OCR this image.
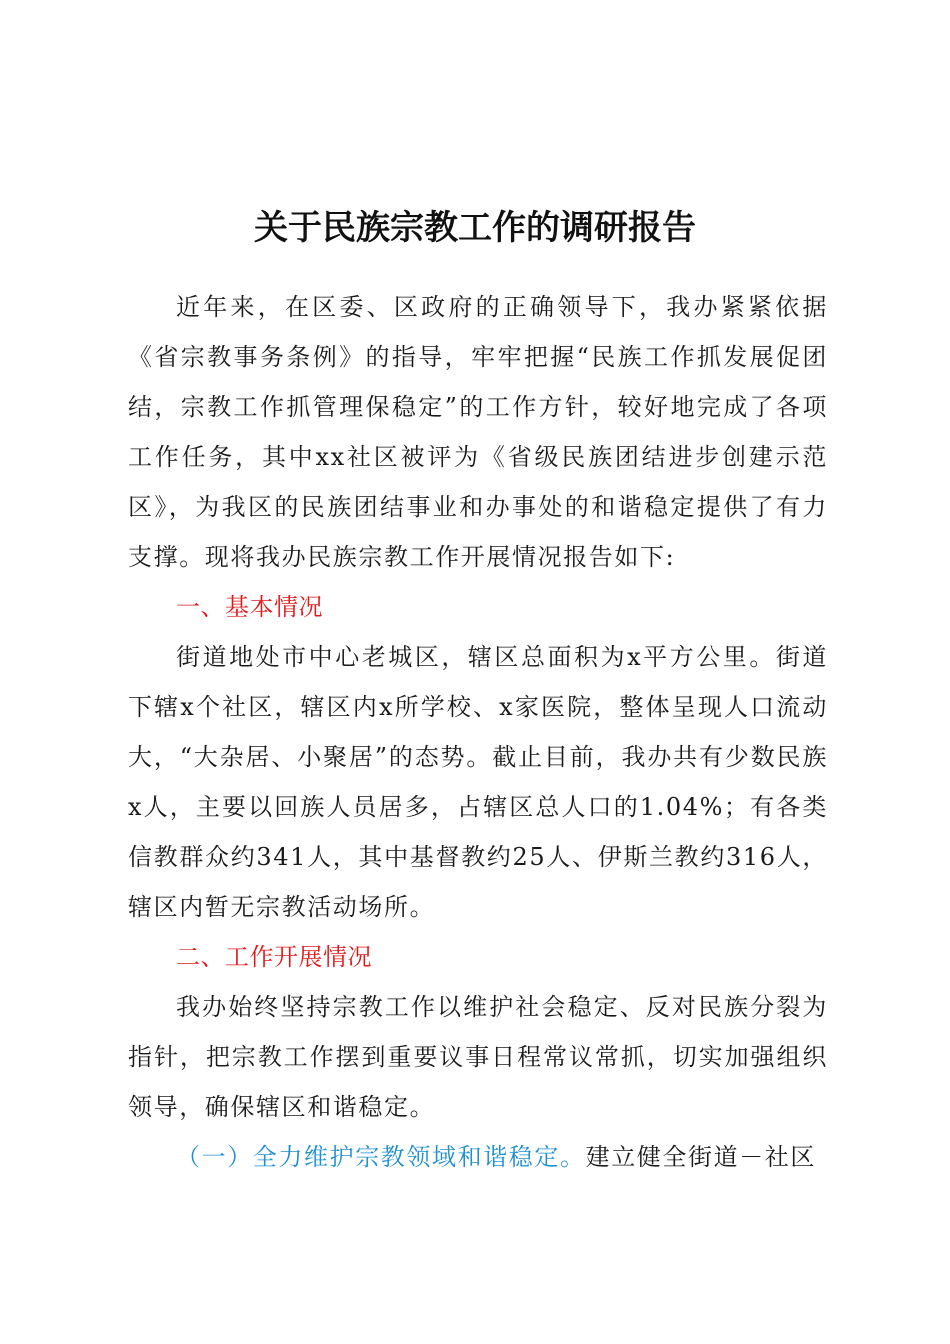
关于民族宗教工作的调研报告

近年来，在区委、区政府的正确领导下，我办紧紧依据《省宗教事务条例》的指导，牢牢把握“民族工作抓发展促团结，宗教工作抓管理保稳定”的工作方针，较好地完成了各项工作任务，其中xx社区被评为《省级民族团结进步创建示范区》，为我区的民族团结事业和办事处的和谐稳定提供了有力支撑。现将我办民族宗教工作开展情况报告如下:

一、基本情况

街道地处市中心老城区，辖区总面积为x平方公里。街道下辖x个社区，辖区内x所学校、x家医院，整体呈现人口流动大，“大杂居、小聚居”的态势。截止目前，我办共有少数民族x人，主要以回族人员居多，占辖区总人口的1.04%；有各类信教群众约341人，其中基督教约25人、伊斯兰教约316人，辖区内暂无宗教活动场所。

二、工作开展情况

我办始终坚持宗教工作以维护社会稳定、反对民族分裂为指针，把宗教工作摆到重要议事日程常议常抓，切实加强组织领导，确保辖区和谐稳定。

（一）全力维护宗教领域和谐稳定。建立健全街道－社区
